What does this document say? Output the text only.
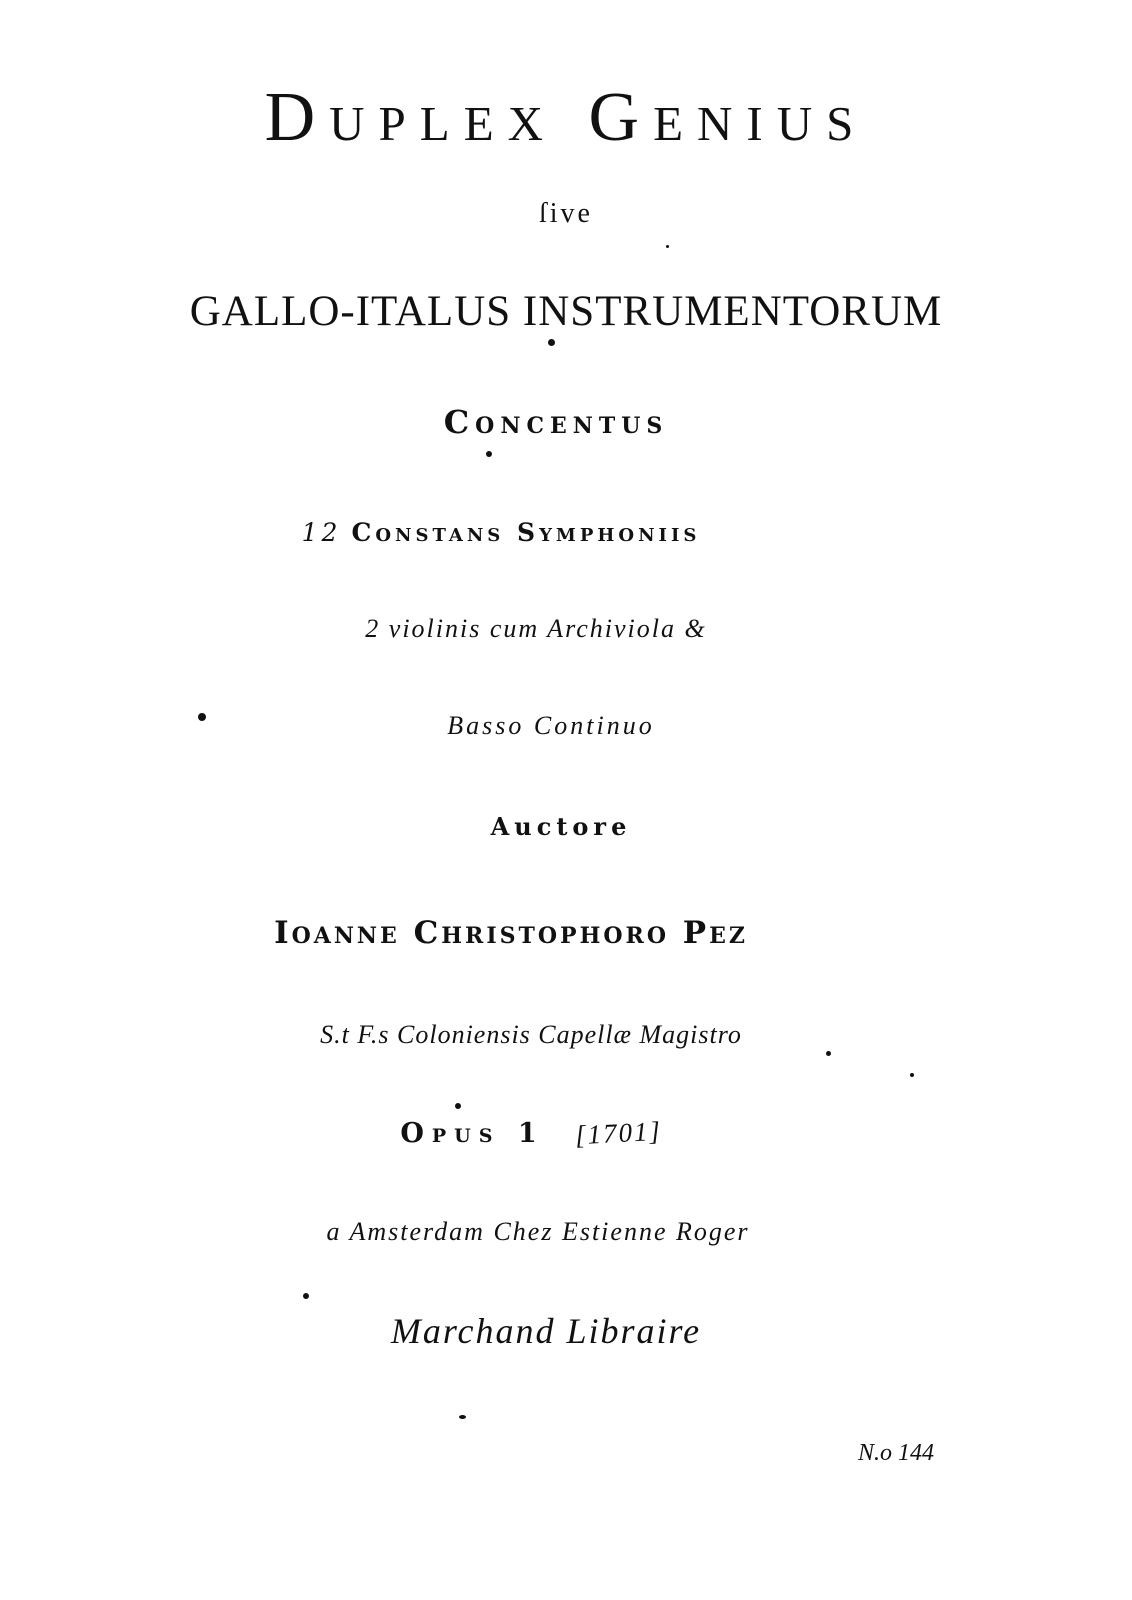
Duplex Genius
ſive
GALLO-ITALUS INSTRUMENTORUM
Concentus
12 Constans Symphoniis
2 violinis cum Archiviola &
Basso Continuo
Auctore
Ioanne Christophoro Pez
S.t F.s Coloniensis Capellæ Magistro
Opus 1 [1701]
a Amsterdam Chez Estienne Roger
Marchand Libraire
N.o 144
